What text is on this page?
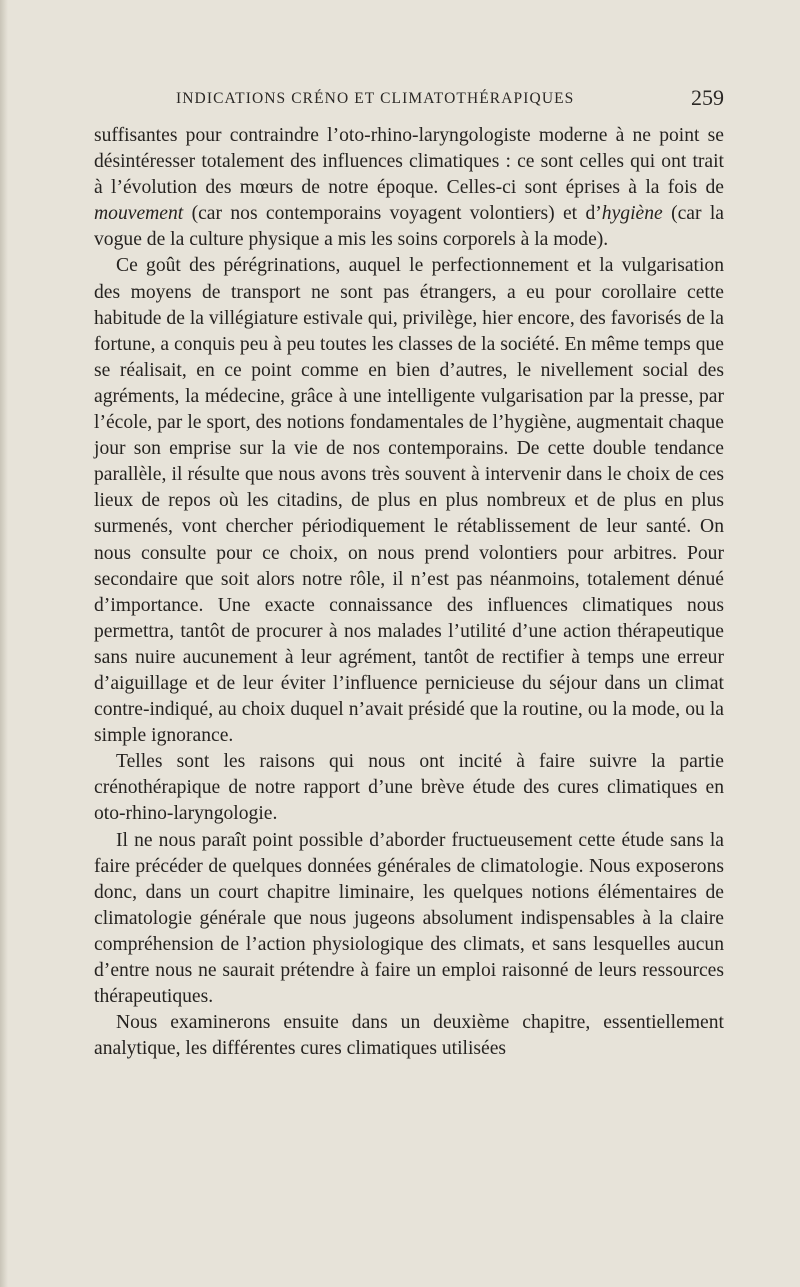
INDICATIONS CRÉNO ET CLIMATOTHÉRAPIQUES	259

suffisantes pour contraindre l’oto-rhino-laryngologiste moderne à ne point se désintéresser totalement des influences climatiques : ce sont celles qui ont trait à l’évolution des mœurs de notre époque. Celles-ci sont éprises à la fois de mouvement (car nos contemporains voyagent volontiers) et d’hygiène (car la vogue de la culture physique a mis les soins corporels à la mode).

Ce goût des pérégrinations, auquel le perfectionnement et la vulgarisation des moyens de transport ne sont pas étrangers, a eu pour corollaire cette habitude de la villégiature estivale qui, privilège, hier encore, des favorisés de la fortune, a conquis peu à peu toutes les classes de la société. En même temps que se réalisait, en ce point comme en bien d’autres, le nivellement social des agréments, la médecine, grâce à une intelligente vulgarisation par la presse, par l’école, par le sport, des notions fondamentales de l’hygiène, augmentait chaque jour son emprise sur la vie de nos contemporains. De cette double tendance parallèle, il résulte que nous avons très souvent à intervenir dans le choix de ces lieux de repos où les citadins, de plus en plus nombreux et de plus en plus surmenés, vont chercher périodiquement le rétablissement de leur santé. On nous consulte pour ce choix, on nous prend volontiers pour arbitres. Pour secondaire que soit alors notre rôle, il n’est pas néanmoins, totalement dénué d’importance. Une exacte connaissance des influences climatiques nous permettra, tantôt de procurer à nos malades l’utilité d’une action thérapeutique sans nuire aucunement à leur agrément, tantôt de rectifier à temps une erreur d’aiguillage et de leur éviter l’influence pernicieuse du séjour dans un climat contre-indiqué, au choix duquel n’avait présidé que la routine, ou la mode, ou la simple ignorance.

Telles sont les raisons qui nous ont incité à faire suivre la partie crénothérapique de notre rapport d’une brève étude des cures climatiques en oto-rhino-laryngologie.

Il ne nous paraît point possible d’aborder fructueusement cette étude sans la faire précéder de quelques données générales de climatologie. Nous exposerons donc, dans un court chapitre liminaire, les quelques notions élémentaires de climatologie générale que nous jugeons absolument indispensables à la claire compréhension de l’action physiologique des climats, et sans lesquelles aucun d’entre nous ne saurait prétendre à faire un emploi raisonné de leurs ressources thérapeutiques.

Nous examinerons ensuite dans un deuxième chapitre, essentiellement analytique, les différentes cures climatiques utilisées
